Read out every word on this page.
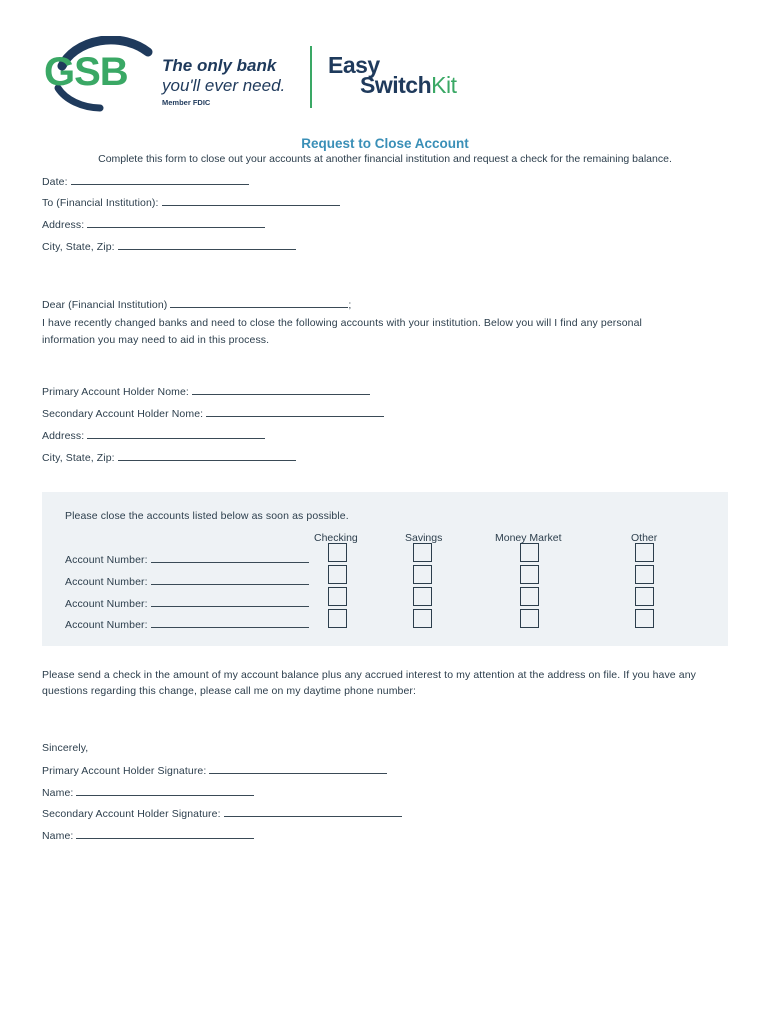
GSB The only bank
you'll ever need.
Member FDIC
Easy
SwitchKit
Request to Close Account
Complete this form to close out your accounts at another financial institution and request a check for the remaining balance.
Date:
To (Financial Institution):
Address:
City, State, Zip:
Dear (Financial Institution)	;
I have recently changed banks and need to close the following accounts with your institution. Below you will I find any personal
information you may need to aid in this process.
Primary Account Holder Nome:
Secondary Account Holder Nome:
Address:
City, State, Zip:
Please close the accounts listed below as soon as possible.
Checking	Savings	Money Market	Other
Account Number:
Account Number:
Account Number:
Account Number:
Please send a check in the amount of my account balance plus any accrued interest to my attention at the address on file. If you have any
questions regarding this change, please call me on my daytime phone number:
Sincerely,
Primary Account Holder Signature:
Name:
Secondary Account Holder Signature:
Name:
